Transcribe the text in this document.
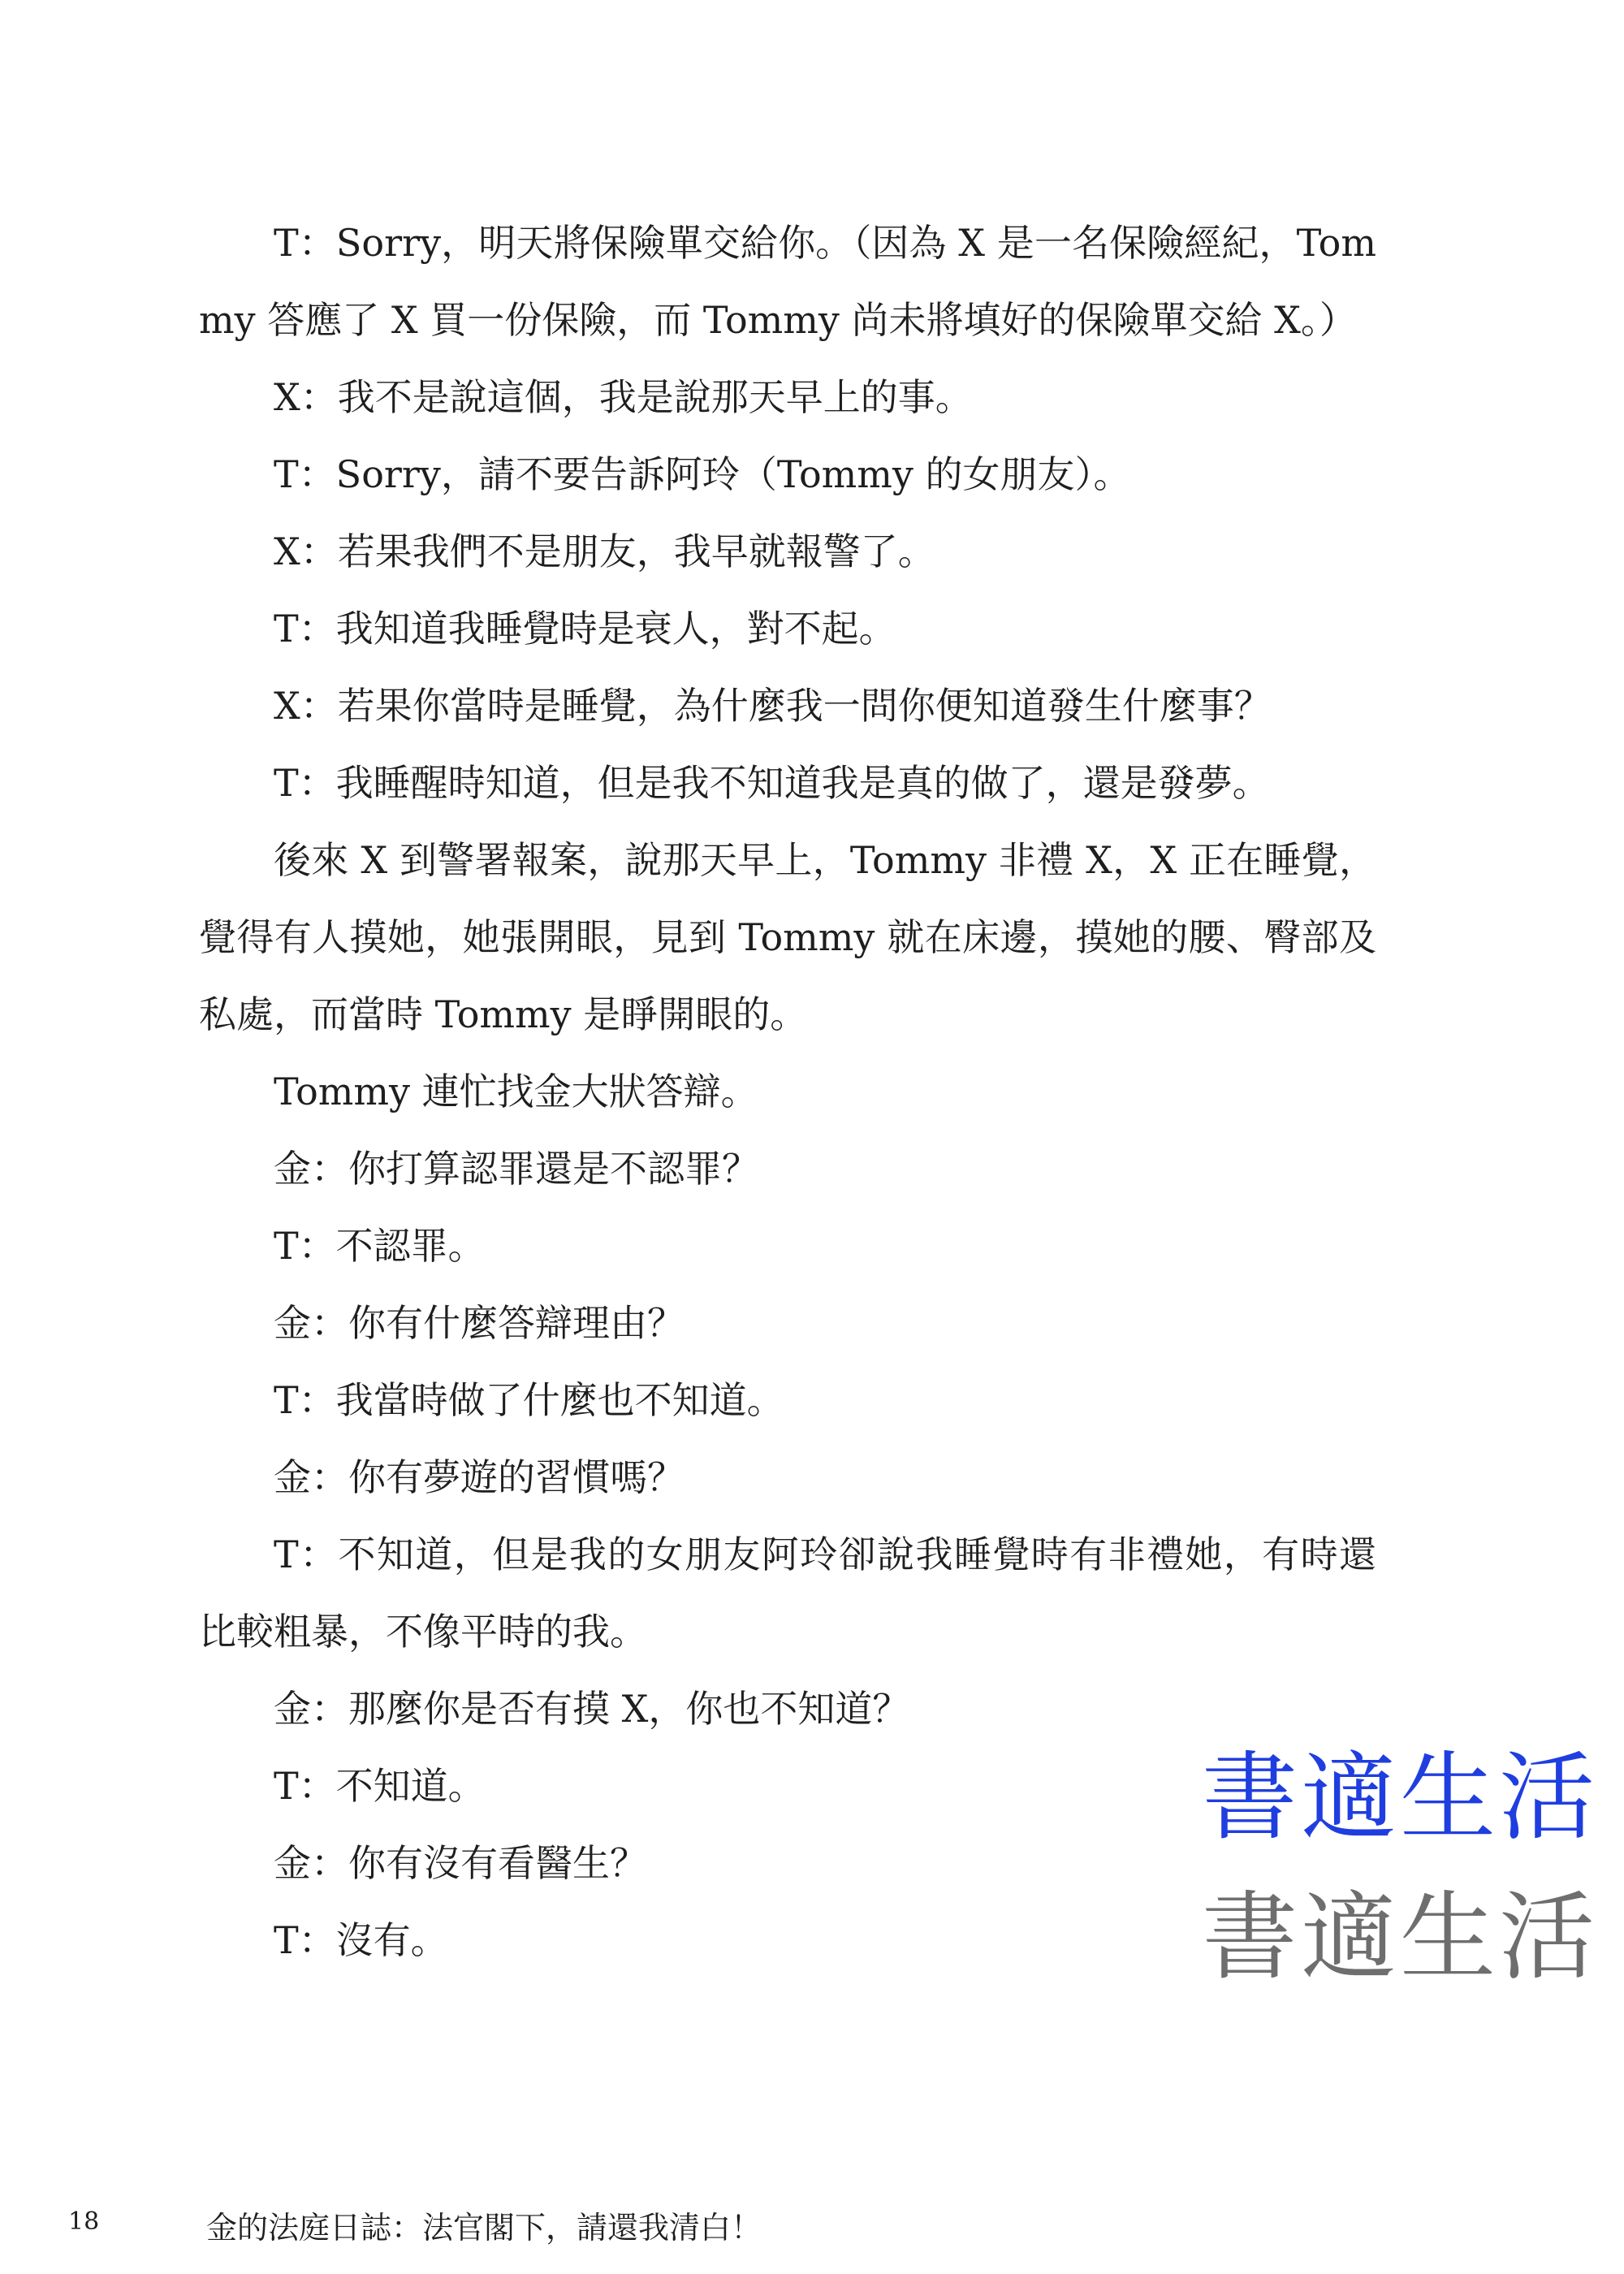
T：Sorry，明天將保險單交給你。（因為 X 是一名保險經紀，Tommy 答應了 X 買一份保險，而 Tommy 尚未將填好的保險單交給 X。）

X：我不是說這個，我是說那天早上的事。

T：Sorry，請不要告訴阿玲（Tommy 的女朋友）。

X：若果我們不是朋友，我早就報警了。

T：我知道我睡覺時是衰人，對不起。

X：若果你當時是睡覺，為什麼我一問你便知道發生什麼事？

T：我睡醒時知道，但是我不知道我是真的做了，還是發夢。

後來 X 到警署報案，說那天早上，Tommy 非禮 X，X 正在睡覺，覺得有人摸她，她張開眼，見到 Tommy 就在床邊，摸她的腰、臀部及私處，而當時 Tommy 是睜開眼的。

Tommy 連忙找金大狀答辯。

金：你打算認罪還是不認罪？

T：不認罪。

金：你有什麼答辯理由？

T：我當時做了什麼也不知道。

金：你有夢遊的習慣嗎？

T：不知道，但是我的女朋友阿玲卻說我睡覺時有非禮她，有時還比較粗暴，不像平時的我。

金：那麼你是否有摸 X，你也不知道？

T：不知道。

金：你有沒有看醫生？

T：沒有。

書適生活
書適生活
18	金的法庭日誌：法官閣下，請還我清白！
